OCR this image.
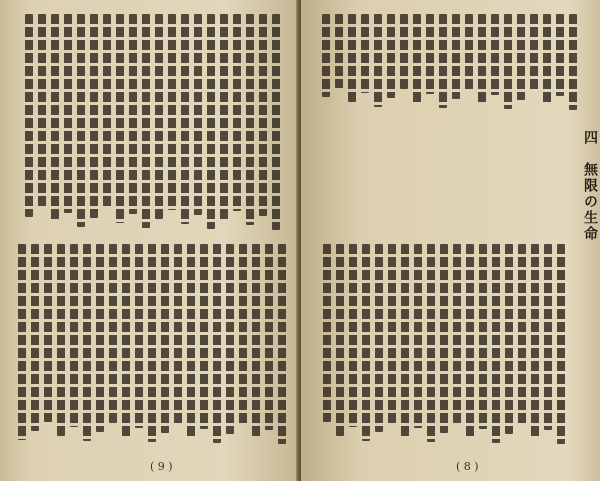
( 9 )
四　無限の生命
( 8 )
